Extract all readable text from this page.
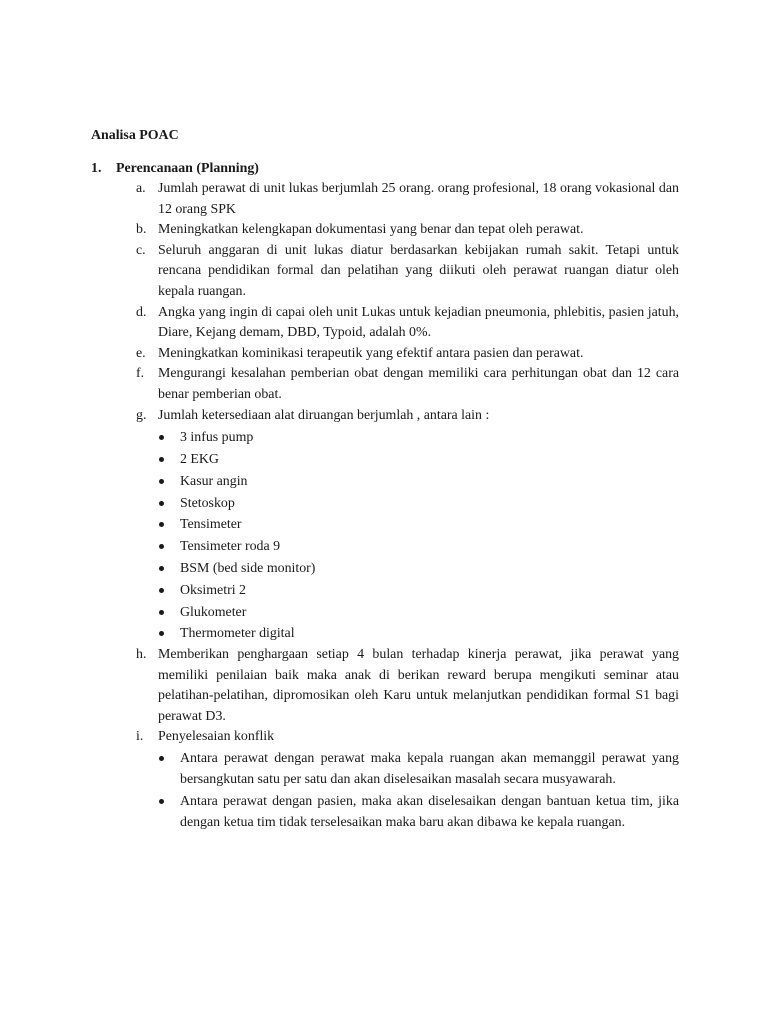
Analisa POAC
1.	Perencanaan (Planning)
a. Jumlah perawat di unit lukas berjumlah 25 orang. orang profesional, 18 orang vokasional dan 12 orang SPK
b. Meningkatkan kelengkapan dokumentasi yang benar dan tepat oleh perawat.
c. Seluruh anggaran di unit lukas diatur berdasarkan kebijakan rumah sakit. Tetapi untuk rencana pendidikan formal dan pelatihan yang diikuti oleh perawat ruangan diatur oleh kepala ruangan.
d. Angka yang ingin di capai oleh unit Lukas untuk kejadian pneumonia, phlebitis, pasien jatuh, Diare, Kejang demam, DBD, Typoid, adalah 0%.
e. Meningkatkan kominikasi terapeutik yang efektif antara pasien dan perawat.
f. Mengurangi kesalahan pemberian obat dengan memiliki cara perhitungan obat dan 12 cara benar pemberian obat.
g. Jumlah ketersediaan alat diruangan berjumlah , antara lain :
3 infus pump
2 EKG
Kasur angin
Stetoskop
Tensimeter
Tensimeter roda 9
BSM (bed side monitor)
Oksimetri 2
Glukometer
Thermometer digital
h. Memberikan penghargaan setiap 4 bulan terhadap kinerja perawat, jika perawat yang memiliki penilaian baik maka anak di berikan reward berupa mengikuti seminar atau pelatihan-pelatihan, dipromosikan oleh Karu untuk melanjutkan pendidikan formal S1 bagi perawat D3.
i. Penyelesaian konflik
Antara perawat dengan perawat maka kepala ruangan akan memanggil perawat yang bersangkutan satu per satu dan akan diselesaikan masalah secara musyawarah.
Antara perawat dengan pasien, maka akan diselesaikan dengan bantuan ketua tim, jika dengan ketua tim tidak terselesaikan maka baru akan dibawa ke kepala ruangan.
